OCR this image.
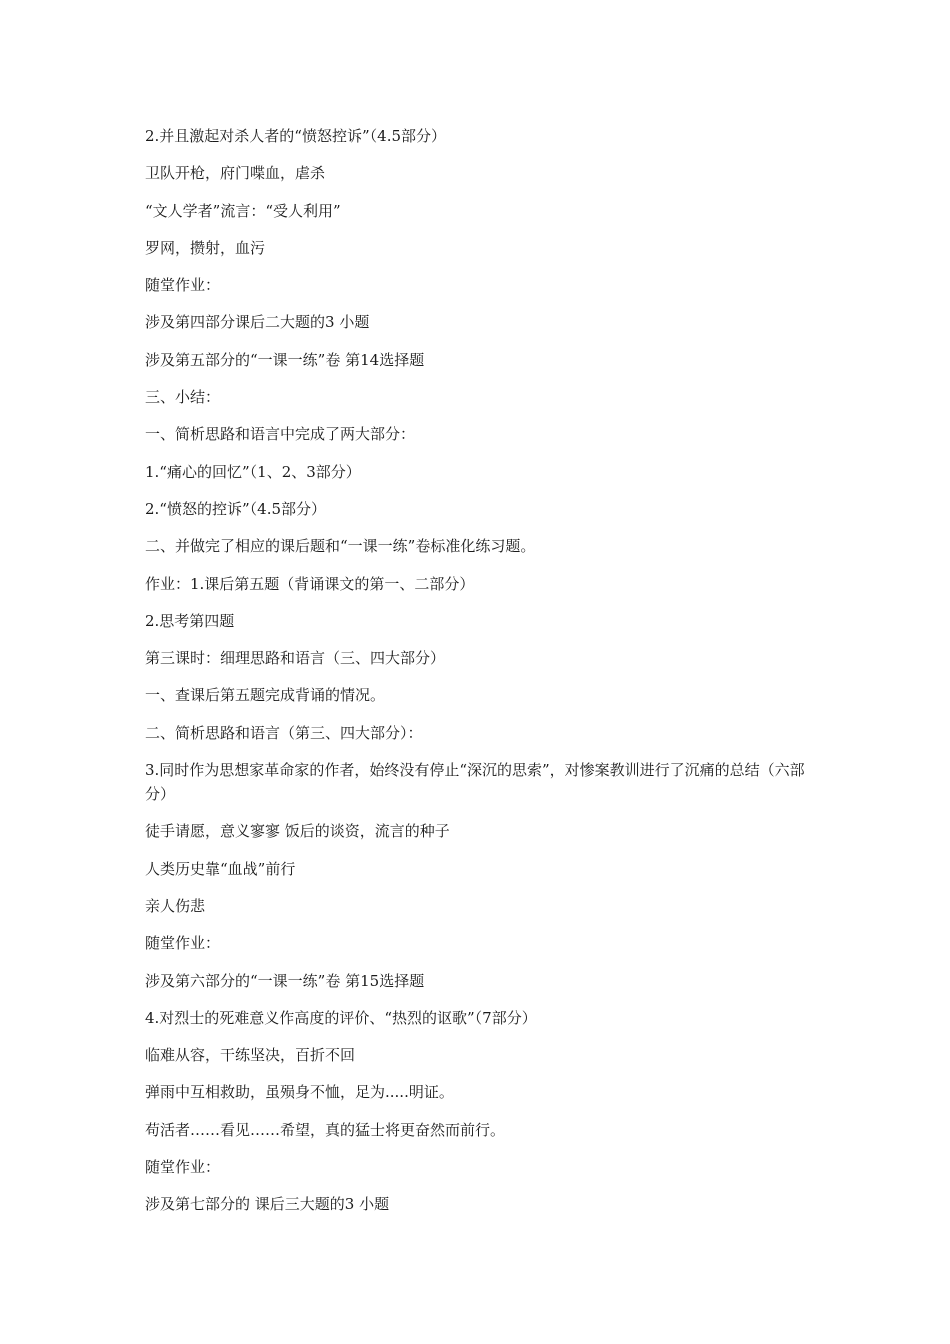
2.并且激起对杀人者的“愤怒控诉”（4.5部分）

卫队开枪，府门喋血，虐杀

“文人学者”流言：“受人利用”

罗网，攒射，血污

随堂作业：

涉及第四部分课后二大题的3 小题

涉及第五部分的“一课一练”卷 第14选择题

三、小结：

一、简析思路和语言中完成了两大部分：

1.“痛心的回忆”（1、2、3部分）

2.“愤怒的控诉”（4.5部分）

二、并做完了相应的课后题和“一课一练”卷标准化练习题。

作业：1.课后第五题（背诵课文的第一、二部分）

2.思考第四题

第三课时：细理思路和语言（三、四大部分）

一、查课后第五题完成背诵的情况。

二、简析思路和语言（第三、四大部分）：

3.同时作为思想家革命家的作者，始终没有停止“深沉的思索”，对惨案教训进行了沉痛的总结（六部分）

徒手请愿，意义寥寥 饭后的谈资，流言的种子

人类历史靠“血战”前行

亲人伤悲

随堂作业：

涉及第六部分的“一课一练”卷 第15选择题

4.对烈士的死难意义作高度的评价、“热烈的讴歌”（7部分）

临难从容，干练坚决，百折不回

弹雨中互相救助，虽殒身不恤，足为.....明证。

苟活者……看见……希望，真的猛士将更奋然而前行。

随堂作业：

涉及第七部分的 课后三大题的3 小题
